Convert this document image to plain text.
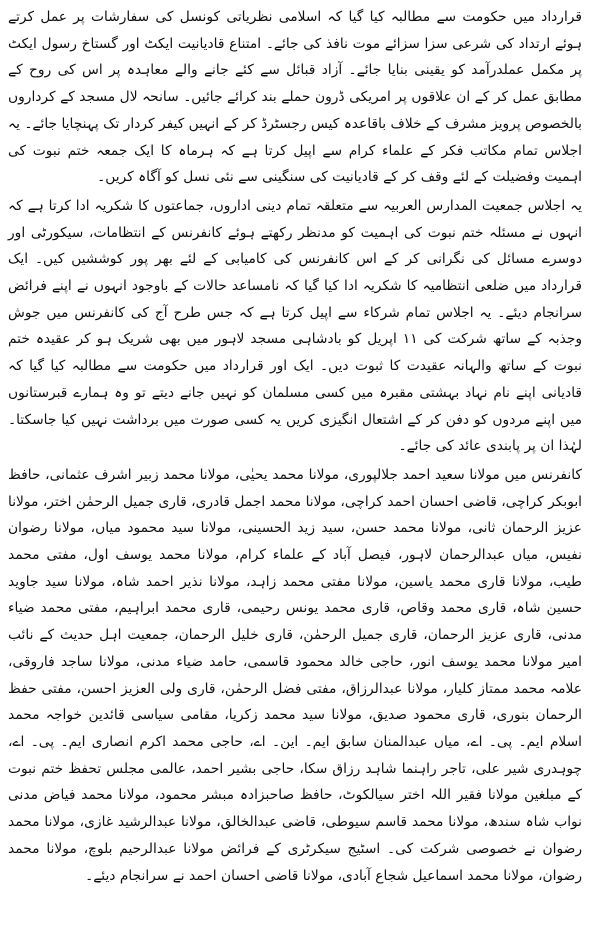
قرارداد میں حکومت سے مطالبہ کیا گیا کہ اسلامی نظریاتی کونسل کی سفارشات پر عمل کرتے ہوئے ارتداد کی شرعی سزا سزائے موت نافذ کی جائے۔ امتناع قادیانیت ایکٹ اور گستاخ رسول ایکٹ پر مکمل عملدرآمد کو یقینی بنایا جائے۔ آزاد قبائل سے کئے جانے والے معاہدہ پر اس کی روح کے مطابق عمل کر کے ان علاقوں پر امریکی ڈرون حملے بند کرائے جائیں۔ سانحہ لال مسجد کے کرداروں بالخصوص پرویز مشرف کے خلاف باقاعدہ کیس رجسٹرڈ کر کے انہیں کیفر کردار تک پہنچایا جائے۔ یہ اجلاس تمام مکاتب فکر کے علماء کرام سے اپیل کرتا ہے کہ ہرماہ کا ایک جمعہ ختم نبوت کی اہمیت وفضیلت کے لئے وقف کر کے قادیانیت کی سنگینی سے نئی نسل کو آگاہ کریں۔

یہ اجلاس جمعیت المدارس العربیہ سے متعلقہ تمام دینی اداروں، جماعتوں کا شکریہ ادا کرتا ہے کہ انہوں نے مسئلہ ختم نبوت کی اہمیت کو مدنظر رکھتے ہوئے کانفرنس کے انتظامات، سیکورٹی اور دوسرے مسائل کی نگرانی کر کے اس کانفرنس کی کامیابی کے لئے بھر پور کوششیں کیں۔ ایک قرارداد میں ضلعی انتظامیہ کا شکریہ ادا کیا گیا کہ نامساعد حالات کے باوجود انہوں نے اپنے فرائض سرانجام دیئے۔ یہ اجلاس تمام شرکاء سے اپیل کرتا ہے کہ جس طرح آج کی کانفرنس میں جوش وجذبہ کے ساتھ شرکت کی ۱۱ اپریل کو بادشاہی مسجد لاہور میں بھی شریک ہو کر عقیدہ ختم نبوت کے ساتھ والہانہ عقیدت کا ثبوت دیں۔ ایک اور قرارداد میں حکومت سے مطالبہ کیا گیا کہ قادیانی اپنے نام نہاد بہشتی مقبرہ میں کسی مسلمان کو نہیں جانے دیتے تو وہ ہمارے قبرستانوں میں اپنے مردوں کو دفن کر کے اشتعال انگیزی کریں یہ کسی صورت میں برداشت نہیں کیا جاسکتا۔ لہٰذا ان پر پابندی عائد کی جائے۔

کانفرنس میں مولانا سعید احمد جلالپوری، مولانا محمد یحیٰی، مولانا محمد زبیر اشرف عثمانی، حافظ ابوبکر کراچی، قاضی احسان احمد کراچی، مولانا محمد اجمل قادری، قاری جمیل الرحمٰن اختر، مولانا عزیز الرحمان ثانی، مولانا محمد حسن، سید زید الحسینی، مولانا سید محمود میاں، مولانا رضوان نفیس، میاں عبدالرحمان لاہور، فیصل آباد کے علماء کرام، مولانا محمد یوسف اول، مفتی محمد طیب، مولانا قاری محمد یاسین، مولانا مفتی محمد زاہد، مولانا نذیر احمد شاہ، مولانا سید جاوید حسین شاہ، قاری محمد وقاص، قاری محمد یونس رحیمی، قاری محمد ابراہیم، مفتی محمد ضیاء مدنی، قاری عزیز الرحمان، قاری جمیل الرحمٰن، قاری خلیل الرحمان، جمعیت اہل حدیث کے نائب امیر مولانا محمد یوسف انور، حاجی خالد محمود قاسمی، حامد ضیاء مدنی، مولانا ساجد فاروقی، علامہ محمد ممتاز کلیار، مولانا عبدالرزاق، مفتی فضل الرحمٰن، قاری ولی العزیز احسن، مفتی حفظ الرحمان بنوری، قاری محمود صدیق، مولانا سید محمد زکریا، مقامی سیاسی قائدین خواجہ محمد اسلام ایم۔ پی۔ اے، میاں عبدالمنان سابق ایم۔ این۔ اے، حاجی محمد اکرم انصاری ایم۔ پی۔ اے، چوہدری شیر علی، تاجر راہنما شاہد رزاق سکا، حاجی بشیر احمد، عالمی مجلس تحفظ ختم نبوت کے مبلغین مولانا فقیر اللہ اختر سیالکوٹ، حافظ صاحبزادہ مبشر محمود، مولانا محمد فیاض مدنی نواب شاہ سندھ، مولانا محمد قاسم سیوطی، قاضی عبدالخالق، مولانا عبدالرشید غازی، مولانا محمد رضوان نے خصوصی شرکت کی۔ اسٹیج سیکرٹری کے فرائض مولانا عبدالرحیم بلوچ، مولانا محمد رضوان، مولانا محمد اسماعیل شجاع آبادی، مولانا قاضی احسان احمد نے سرانجام دیئے۔
